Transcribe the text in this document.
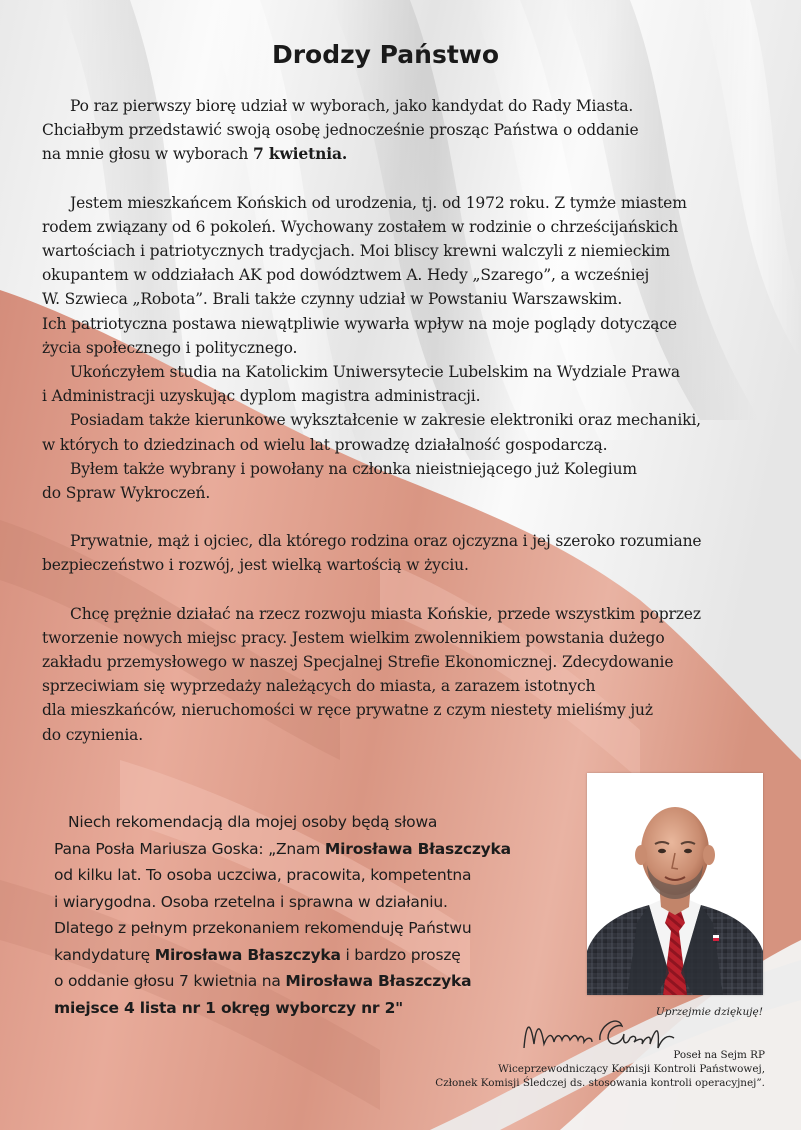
Drodzy Państwo

Po raz pierwszy biorę udział w wyborach, jako kandydat do Rady Miasta.

Chciałbym przedstawić swoją osobę jednocześnie prosząc Państwa o oddanie

na mnie głosu w wyborach 7 kwietnia.

Jestem mieszkańcem Końskich od urodzenia, tj. od 1972 roku. Z tymże miastem

rodem związany od 6 pokoleń. Wychowany zostałem w rodzinie o chrześcijańskich

wartościach i patriotycznych tradycjach. Moi bliscy krewni walczyli z niemieckim

okupantem w oddziałach AK pod dowództwem A. Hedy „Szarego”, a wcześniej

W. Szwieca „Robota”. Brali także czynny udział w Powstaniu Warszawskim.

Ich patriotyczna postawa niewątpliwie wywarła wpływ na moje poglądy dotyczące

życia społecznego i politycznego.

Ukończyłem studia na Katolickim Uniwersytecie Lubelskim na Wydziale Prawa

i Administracji uzyskując dyplom magistra administracji.

Posiadam także kierunkowe wykształcenie w zakresie elektroniki oraz mechaniki,

w których to dziedzinach od wielu lat prowadzę działalność gospodarczą.

Byłem także wybrany i powołany na członka nieistniejącego już Kolegium

do Spraw Wykroczeń.

Prywatnie, mąż i ojciec, dla którego rodzina oraz ojczyzna i jej szeroko rozumiane

bezpieczeństwo i rozwój, jest wielką wartością w życiu.

Chcę prężnie działać na rzecz rozwoju miasta Końskie, przede wszystkim poprzez

tworzenie nowych miejsc pracy. Jestem wielkim zwolennikiem powstania dużego

zakładu przemysłowego w naszej Specjalnej Strefie Ekonomicznej. Zdecydowanie

sprzeciwiam się wyprzedaży należących do miasta, a zarazem istotnych

dla mieszkańców, nieruchomości w ręce prywatne z czym niestety mieliśmy już

do czynienia.

Niech rekomendacją dla mojej osoby będą słowa

Pana Posła Mariusza Goska: „Znam Mirosława Błaszczyka

od kilku lat. To osoba uczciwa, pracowita, kompetentna

i wiarygodna. Osoba rzetelna i sprawna w działaniu.

Dlatego z pełnym przekonaniem rekomenduję Państwu

kandydaturę Mirosława Błaszczyka i bardzo proszę

o oddanie głosu 7 kwietnia na Mirosława Błaszczyka

miejsce 4 lista nr 1 okręg wyborczy nr 2"	Uprzejmie dziękuję!
Poseł na Sejm RP
Wiceprzewodniczący Komisji Kontroli Państwowej,
Członek Komisji Śledczej ds. stosowania kontroli operacyjnej”.
